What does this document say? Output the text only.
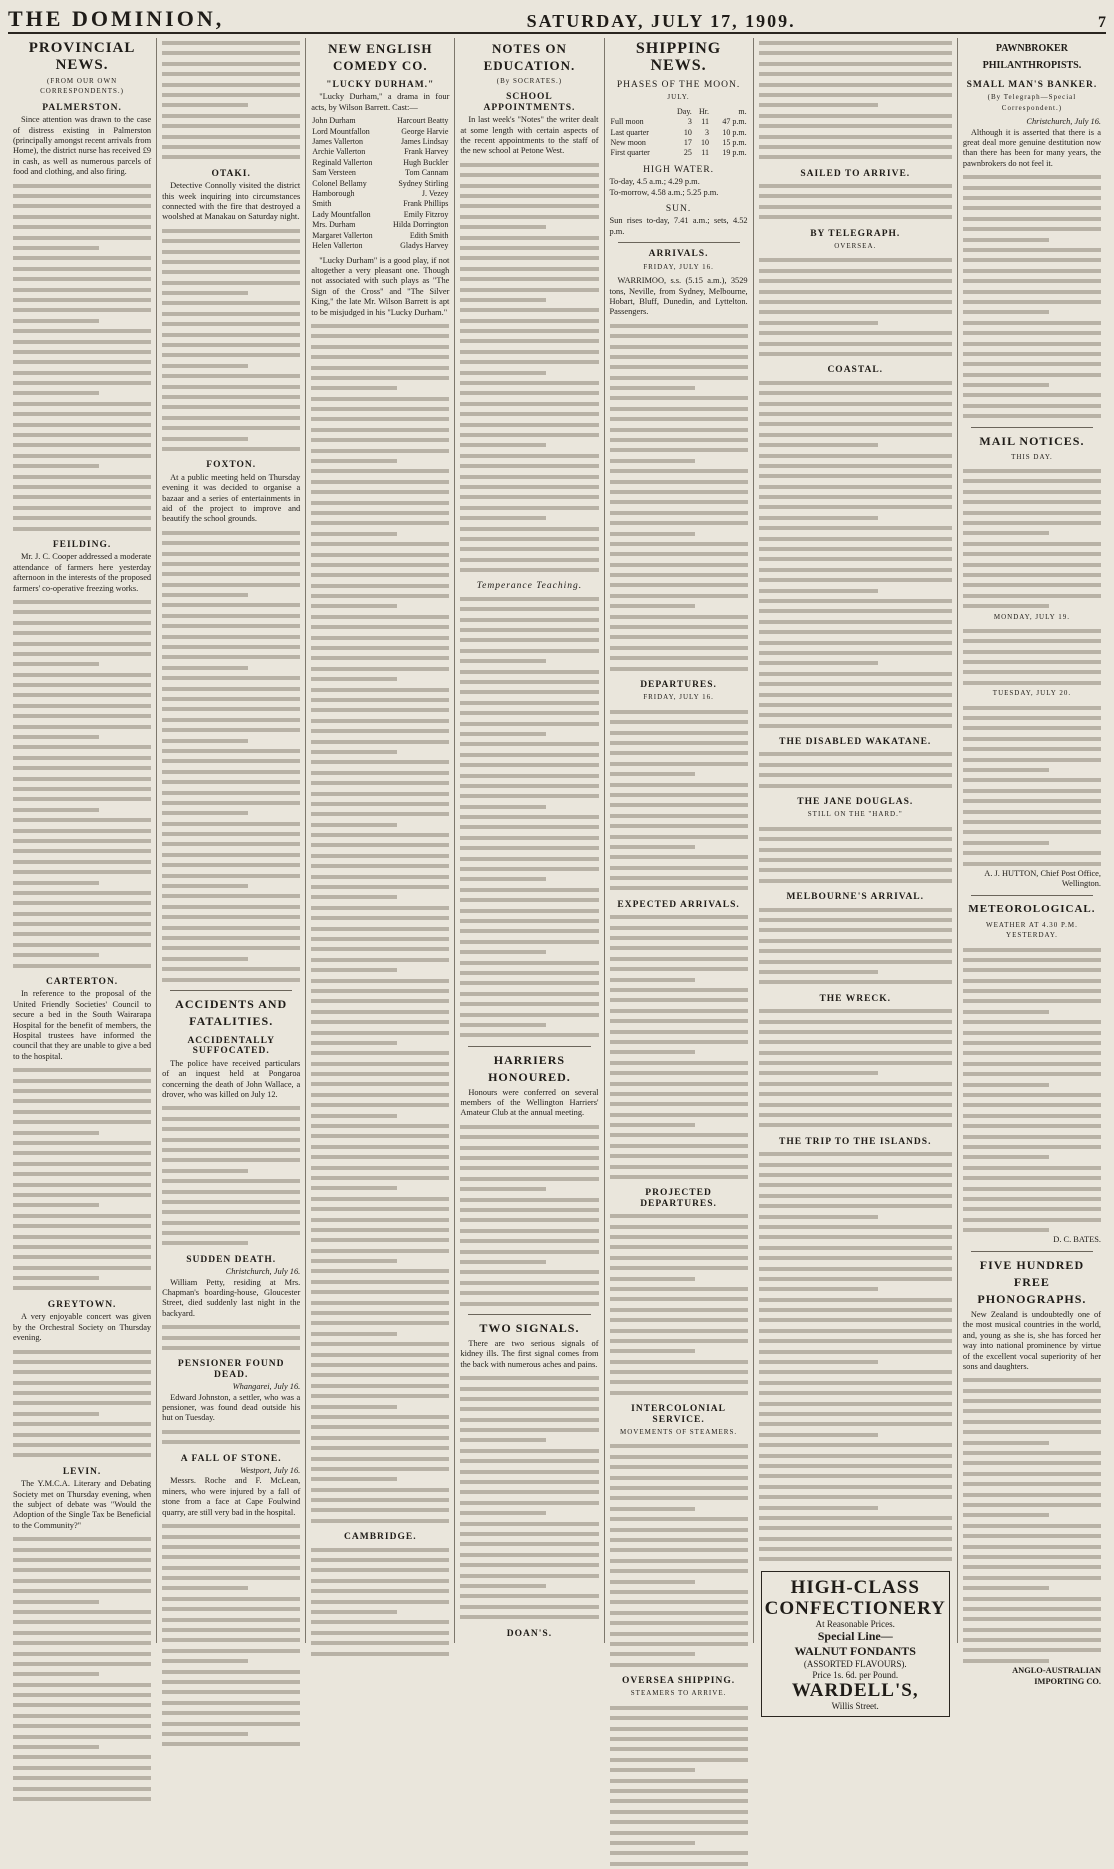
THE DOMINION,	SATURDAY, JULY 17, 1909.	7
PROVINCIAL NEWS.
(FROM OUR OWN CORRESPONDENTS.)
PALMERSTON.

Since attention was drawn to the case of distress existing in Palmerston (principally amongst recent arrivals from Home), the district nurse has received £9 in cash, as well as numerous parcels of food and clothing, and also firing.

FEILDING.

Mr. J. C. Cooper addressed a moderate attendance of farmers here yesterday afternoon in the interests of the proposed farmers' co-operative freezing works.

CARTERTON.

In reference to the proposal of the United Friendly Societies' Council to secure a bed in the South Wairarapa Hospital for the benefit of members, the Hospital trustees have informed the council that they are unable to give a bed to the hospital.

GREYTOWN.

A very enjoyable concert was given by the Orchestral Society on Thursday evening.

LEVIN.

The Y.M.C.A. Literary and Debating Society met on Thursday evening, when the subject of debate was "Would the Adoption of the Single Tax be Beneficial to the Community?"

OTAKI.

Detective Connolly visited the district this week inquiring into circumstances connected with the fire that destroyed a woolshed at Manakau on Saturday night.

FOXTON.

At a public meeting held on Thursday evening it was decided to organise a bazaar and a series of entertainments in aid of the project to improve and beautify the school grounds.

ACCIDENTS AND FATALITIES.
ACCIDENTALLY SUFFOCATED.

The police have received particulars of an inquest held at Pongaroa concerning the death of John Wallace, a drover, who was killed on July 12.

SUDDEN DEATH.
Christchurch, July 16.

William Petty, residing at Mrs. Chapman's boarding-house, Gloucester Street, died suddenly last night in the backyard.

PENSIONER FOUND DEAD.
Whangarei, July 16.

Edward Johnston, a settler, who was a pensioner, was found dead outside his hut on Tuesday.

A FALL OF STONE.
Westport, July 16.

Messrs. Roche and F. McLean, miners, who were injured by a fall of stone from a face at Cape Foulwind quarry, are still very bad in the hospital.

NEW ENGLISH COMEDY CO.
"LUCKY DURHAM."

"Lucky Durham," a drama in four acts, by Wilson Barrett. Cast:—

John Durham	Harcourt Beatty
Lord Mountfallon	George Harvie
James Vallerton	James Lindsay
Archie Vallerton	Frank Harvey
Reginald Vallerton	Hugh Buckler
Sam Versteen	Tom Cannam
Colonel Bellamy	Sydney Stirling
Hamborough	J. Vezey
Smith	Frank Phillips
Lady Mountfallon	Emily Fitzroy
Mrs. Durham	Hilda Dorrington
Margaret Vallerton	Edith Smith
Helen Vallerton	Gladys Harvey

"Lucky Durham" is a good play, if not altogether a very pleasant one. Though not associated with such plays as "The Sign of the Cross" and "The Silver King," the late Mr. Wilson Barrett is apt to be misjudged in his "Lucky Durham."

CAMBRIDGE.
NOTES ON EDUCATION.
(By SOCRATES.)
SCHOOL APPOINTMENTS.

In last week's "Notes" the writer dealt at some length with certain aspects of the recent appointments to the staff of the new school at Petone West.

Temperance Teaching.
HARRIERS HONOURED.

Honours were conferred on several members of the Wellington Harriers' Amateur Club at the annual meeting.

TWO SIGNALS.

There are two serious signals of kidney ills. The first signal comes from the back with numerous aches and pains.

DOAN'S.
SHIPPING NEWS.
PHASES OF THE MOON.
JULY.
	Day.	Hr.	m.
Full moon	3	11	47 p.m.
Last quarter	10	3	10 p.m.
New moon	17	10	15 p.m.
First quarter	25	11	19 p.m.
HIGH WATER.
To-day, 4.5 a.m.; 4.29 p.m.
To-morrow, 4.58 a.m.; 5.25 p.m.
SUN.
Sun rises to-day, 7.41 a.m.; sets, 4.52 p.m.
ARRIVALS.
FRIDAY, JULY 16.

WARRIMOO, s.s. (5.15 a.m.), 3529 tons, Neville, from Sydney, Melbourne, Hobart, Bluff, Dunedin, and Lyttelton. Passengers.

DEPARTURES.
FRIDAY, JULY 16.
EXPECTED ARRIVALS.
PROJECTED DEPARTURES.
INTERCOLONIAL SERVICE.
MOVEMENTS OF STEAMERS.
OVERSEA SHIPPING.
STEAMERS TO ARRIVE.
SAILED TO ARRIVE.
BY TELEGRAPH.
OVERSEA.
COASTAL.
THE DISABLED WAKATANE.
THE JANE DOUGLAS.
STILL ON THE "HARD."
MELBOURNE'S ARRIVAL.
THE WRECK.
THE TRIP TO THE ISLANDS.
HIGH-CLASS
CONFECTIONERY
At Reasonable Prices.
Special Line—
WALNUT FONDANTS
(ASSORTED FLAVOURS).
Price 1s. 6d. per Pound.
WARDELL'S,
Willis Street.
PAWNBROKER PHILANTHROPISTS.
SMALL MAN'S BANKER.
(By Telegraph—Special Correspondent.)
Christchurch, July 16.

Although it is asserted that there is a great deal more genuine destitution now than there has been for many years, the pawnbrokers do not feel it.

MAIL NOTICES.
THIS DAY.
MONDAY, JULY 19.
TUESDAY, JULY 20.
A. J. HUTTON, Chief Post Office, Wellington.
METEOROLOGICAL.
WEATHER AT 4.30 P.M. YESTERDAY.
D. C. BATES.
FIVE HUNDRED FREE PHONOGRAPHS.

New Zealand is undoubtedly one of the most musical countries in the world, and, young as she is, she has forced her way into national prominence by virtue of the excellent vocal superiority of her sons and daughters.

ANGLO-AUSTRALIAN IMPORTING CO.
